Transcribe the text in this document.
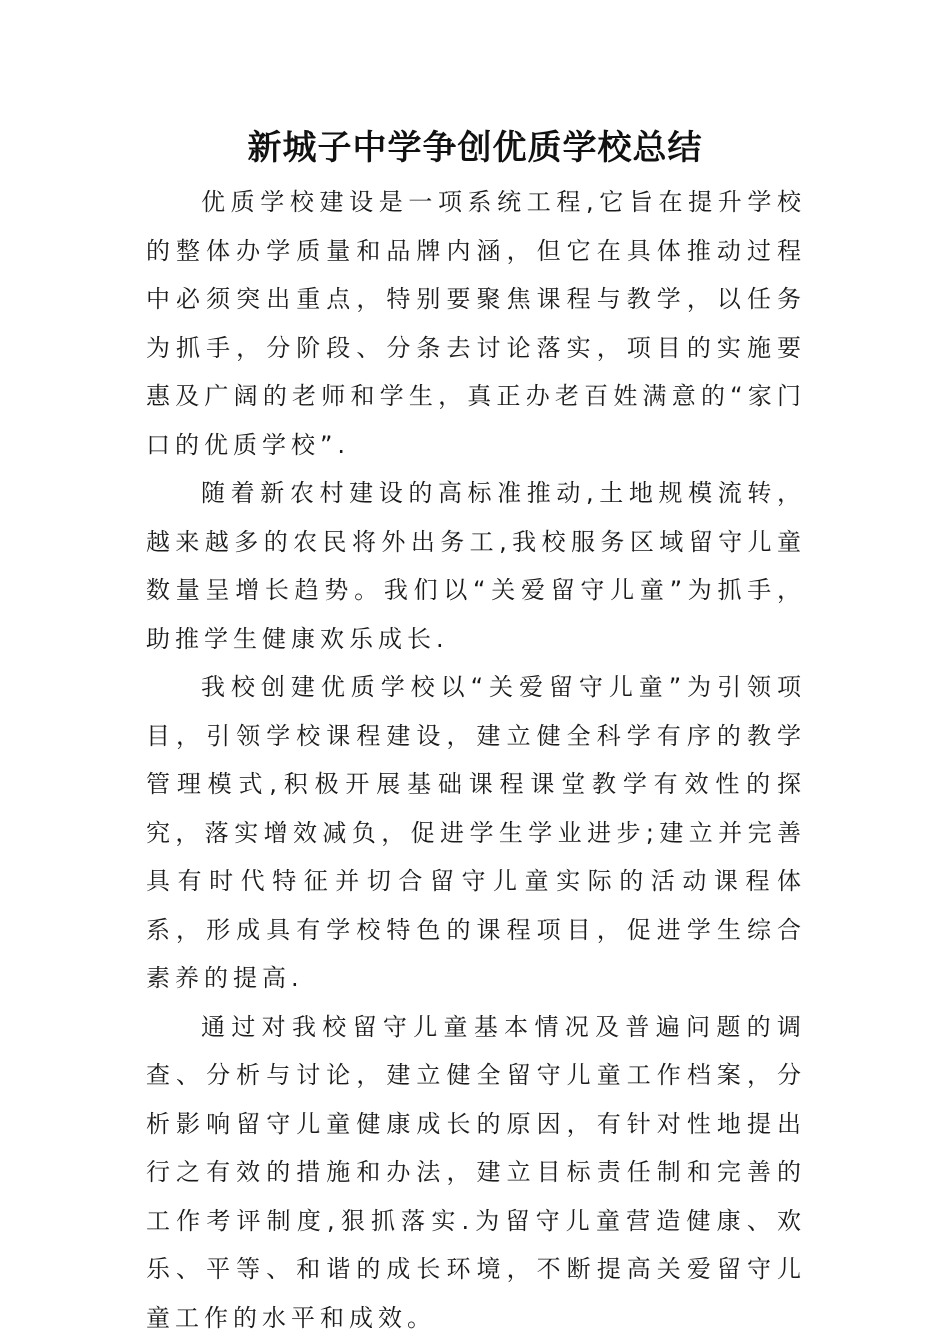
新城子中学争创优质学校总结

优质学校建设是一项系统工程,它旨在提升学校的整体办学质量和品牌内涵，但它在具体推动过程中必须突出重点，特别要聚焦课程与教学，以任务为抓手，分阶段、分条去讨论落实，项目的实施要惠及广阔的老师和学生，真正办老百姓满意的“家门口的优质学校”.

随着新农村建设的高标准推动,土地规模流转，越来越多的农民将外出务工,我校服务区域留守儿童数量呈增长趋势。我们以“关爱留守儿童”为抓手，助推学生健康欢乐成长.

我校创建优质学校以“关爱留守儿童”为引领项目，引领学校课程建设，建立健全科学有序的教学管理模式,积极开展基础课程课堂教学有效性的探究，落实增效减负，促进学生学业进步;建立并完善具有时代特征并切合留守儿童实际的活动课程体系，形成具有学校特色的课程项目，促进学生综合素养的提高.

通过对我校留守儿童基本情况及普遍问题的调查、分析与讨论，建立健全留守儿童工作档案，分析影响留守儿童健康成长的原因，有针对性地提出行之有效的措施和办法，建立目标责任制和完善的工作考评制度,狠抓落实.为留守儿童营造健康、欢乐、平等、和谐的成长环境，不断提高关爱留守儿童工作的水平和成效。
